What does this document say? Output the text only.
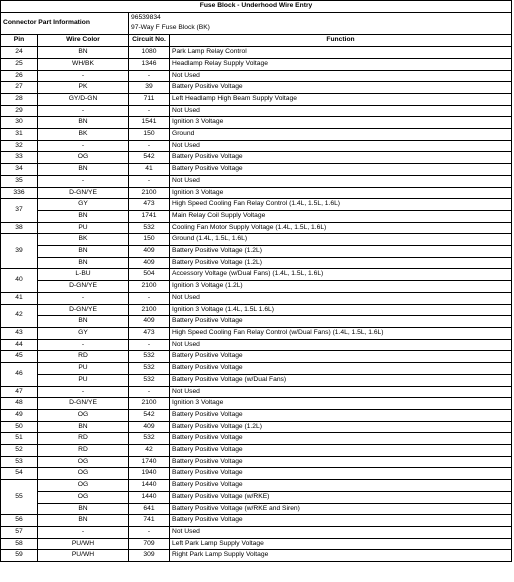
Fuse Block - Underhood Wire Entry			
Connector Part Information		96539834
97-Way F Fuse Block (BK)	

Pin	Wire Color	Circuit No.	Function
24	BN	1080	Park Lamp Relay Control
25	WH/BK	1346	Headlamp Relay Supply Voltage
26	-	-	Not Used
27	PK	39	Battery Positive Voltage
28	GY/D-GN	711	Left Headlamp High Beam Supply Voltage
29	-	-	Not Used
30	BN	1541	Ignition 3 Voltage
31	BK	150	Ground
32	-	-	Not Used
33	OG	542	Battery Positive Voltage
34	BN	41	Battery Positive Voltage
35	-	-	Not Used
336	D-GN/YE	2100	Ignition 3 Voltage
37	GY	473	High Speed Cooling Fan Relay Control (1.4L, 1.5L, 1.6L)
	BN	1741	Main Relay Coil Supply Voltage
38	PU	532	Cooling Fan Motor Supply Voltage (1.4L, 1.5L, 1.6L)
39	BK	150	Ground (1.4L, 1.5L, 1.6L)
	BN	409	Battery Positive Voltage (1.2L)
	BN	409	Battery Positive Voltage (1.2L)
40	L-BU	504	Accessory Voltage (w/Dual Fans) (1.4L, 1.5L, 1.6L)
	D-GN/YE	2100	Ignition 3 Voltage (1.2L)
41	-	-	Not Used
42	D-GN/YE	2100	Ignition 3 Voltage (1.4L, 1.5L 1.6L)
	BN	409	Battery Positive Voltage
43	GY	473	High Speed Cooling Fan Relay Control (w/Dual Fans) (1.4L, 1.5L, 1.6L)
44	-	-	Not Used
45	RD	532	Battery Positive Voltage
46	PU	532	Battery Positive Voltage
	PU	532	Battery Positive Voltage (w/Dual Fans)
47	-	-	Not Used
48	D-GN/YE	2100	Ignition 3 Voltage
49	OG	542	Battery Positive Voltage
50	BN	409	Battery Positive Voltage (1.2L)
51	RD	532	Battery Positive Voltage
52	RD	42	Battery Positive Voltage
53	OG	1740	Battery Positive Voltage
54	OG	1940	Battery Positive Voltage
55	OG	1440	Battery Positive Voltage
	OG	1440	Battery Positive Voltage (w/RKE)
	BN	641	Battery Positive Voltage (w/RKE and Siren)
56	BN	741	Battery Positive Voltage
57	-	-	Not Used
58	PU/WH	709	Left Park Lamp Supply Voltage
59	PU/WH	309	Right Park Lamp Supply Voltage
